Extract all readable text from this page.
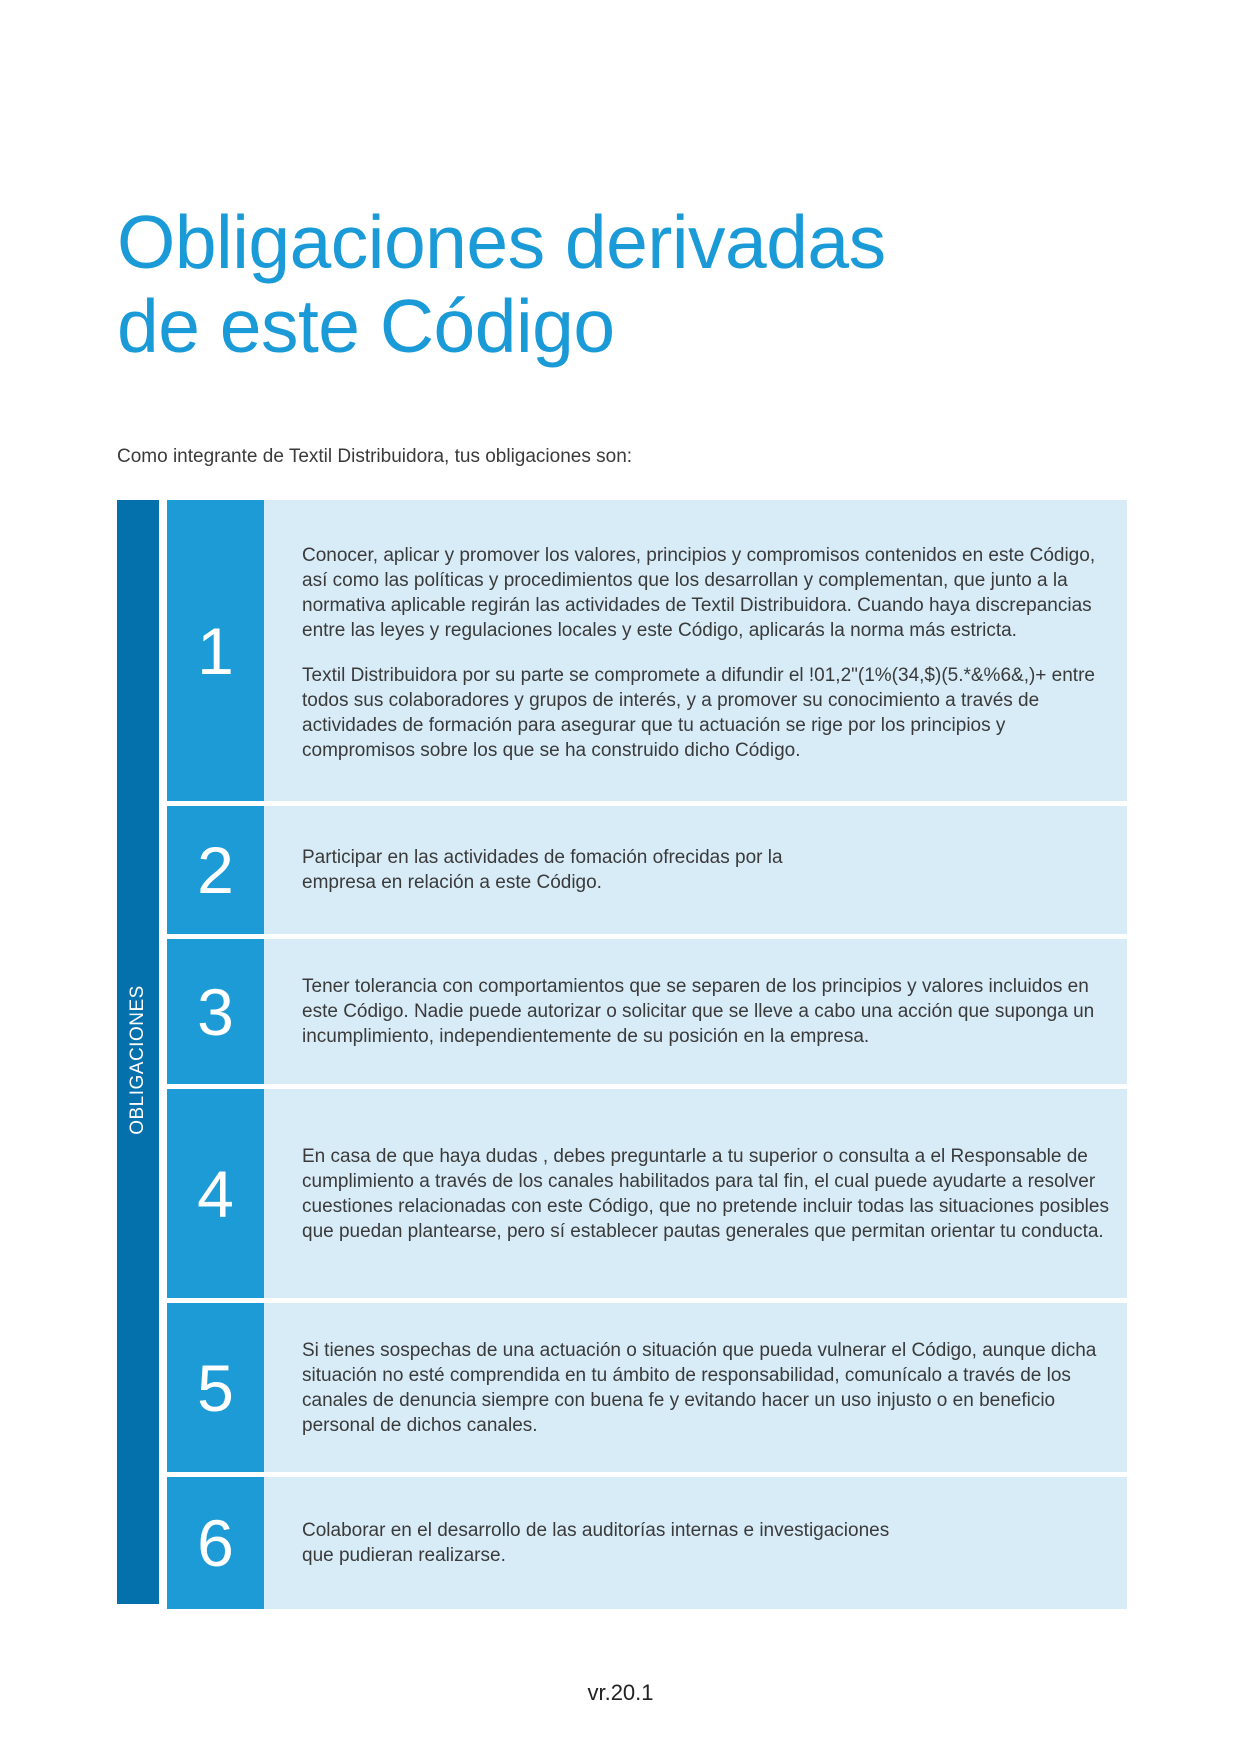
Obligaciones derivadas
de este Código

Como integrante de Textil Distribuidora, tus obligaciones son:

OBLIGACIONES
1

Conocer, aplicar y promover los valores, principios y compromisos contenidos en este Código, así como las políticas y procedimientos que los desarrollan y complementan, que junto a la normativa aplicable regirán las actividades de Textil Distribuidora. Cuando haya discrepancias entre las leyes y regulaciones locales y este Código, aplicarás la norma más estricta.

Textil Distribuidora por su parte se compromete a difundir el !01,2"(1%(34,$)(5.*&%6&,)+ entre todos sus colaboradores y grupos de interés, y a promover su conocimiento a través de actividades de formación para asegurar que tu actuación se rige por los principios y compromisos sobre los que se ha construido dicho Código.

2	Participar en las actividades de fomación ofrecidas por la empresa en relación a este Código.

3	Tener tolerancia con comportamientos que se separen de los principios y valores incluidos en este Código. Nadie puede autorizar o solicitar que se lleve a cabo una acción que suponga un incumplimiento, independientemente de su posición en la empresa.

4

En casa de que haya dudas , debes preguntarle a tu superior o consulta a el Responsable de cumplimiento a través de los canales habilitados para tal fin, el cual puede ayudarte a resolver cuestiones relacionadas con este Código, que no pretende incluir todas las situaciones posibles que puedan plantearse, pero sí establecer pautas generales que permitan orientar tu conducta.

5

Si tienes sospechas de una actuación o situación que pueda vulnerar el Código, aunque dicha situación no esté comprendida en tu ámbito de responsabilidad, comunícalo a través de los canales de denuncia siempre con buena fe y evitando hacer un uso injusto o en beneficio personal de dichos canales.

6	Colaborar en el desarrollo de las auditorías internas e investigaciones que pudieran realizarse.

vr.20.1
